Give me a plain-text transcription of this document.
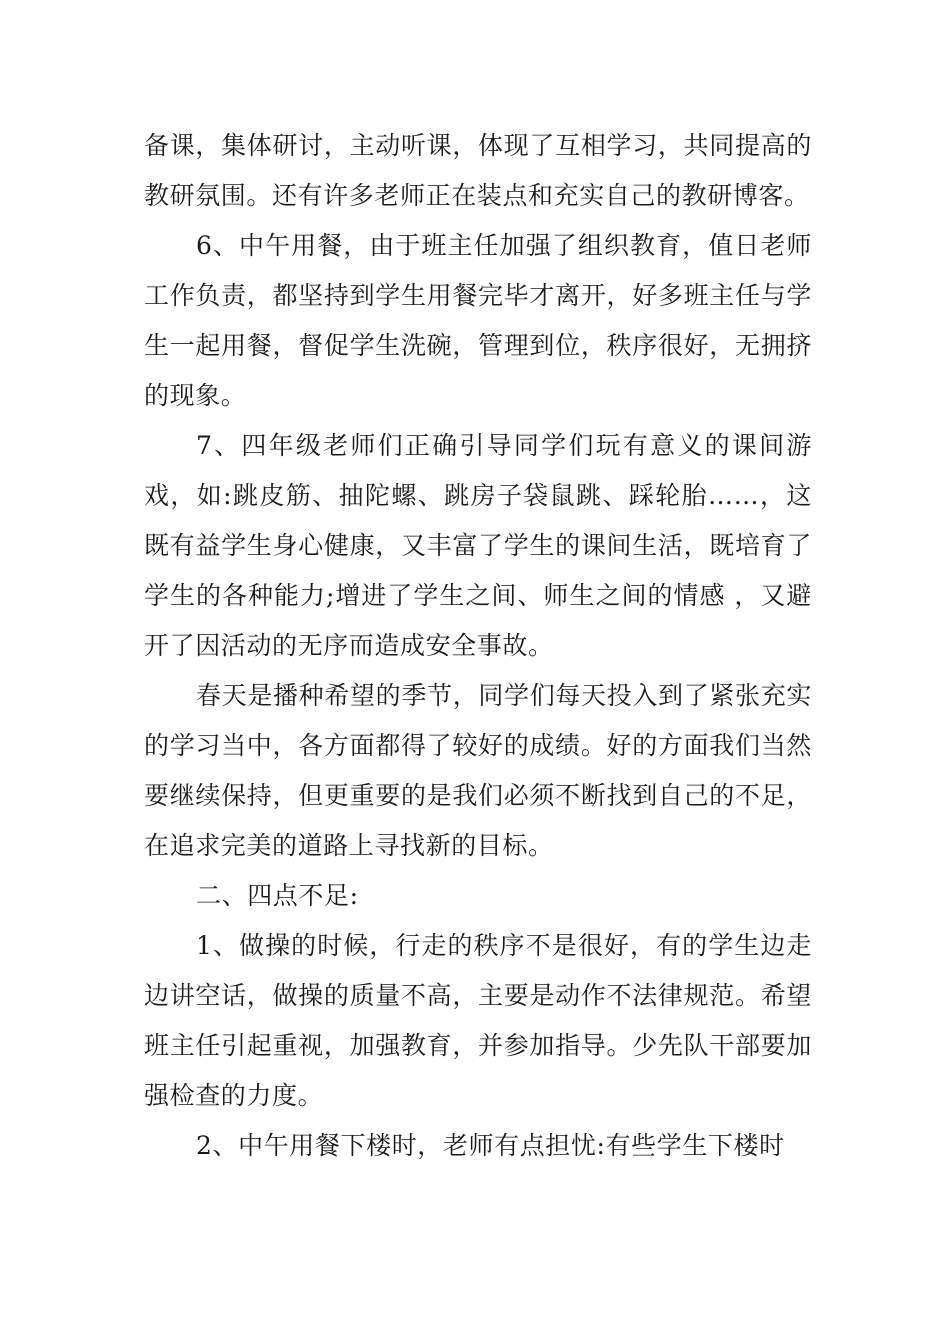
备课，集体研讨，主动听课，体现了互相学习，共同提高的教研氛围。还有许多老师正在装点和充实自己的教研博客。

6、中午用餐，由于班主任加强了组织教育，值日老师工作负责，都坚持到学生用餐完毕才离开，好多班主任与学生一起用餐，督促学生洗碗，管理到位，秩序很好，无拥挤的现象。

7、四年级老师们正确引导同学们玩有意义的课间游戏，如:跳皮筋、抽陀螺、跳房子袋鼠跳、踩轮胎……，这既有益学生身心健康，又丰富了学生的课间生活，既培育了学生的各种能力;增进了学生之间、师生之间的情感 ，又避开了因活动的无序而造成安全事故。

春天是播种希望的季节，同学们每天投入到了紧张充实的学习当中，各方面都得了较好的成绩。好的方面我们当然要继续保持，但更重要的是我们必须不断找到自己的不足，在追求完美的道路上寻找新的目标。

二、四点不足:

1、做操的时候，行走的秩序不是很好，有的学生边走边讲空话，做操的质量不高，主要是动作不法律规范。希望班主任引起重视，加强教育，并参加指导。少先队干部要加强检查的力度。

2、中午用餐下楼时，老师有点担忧:有些学生下楼时
